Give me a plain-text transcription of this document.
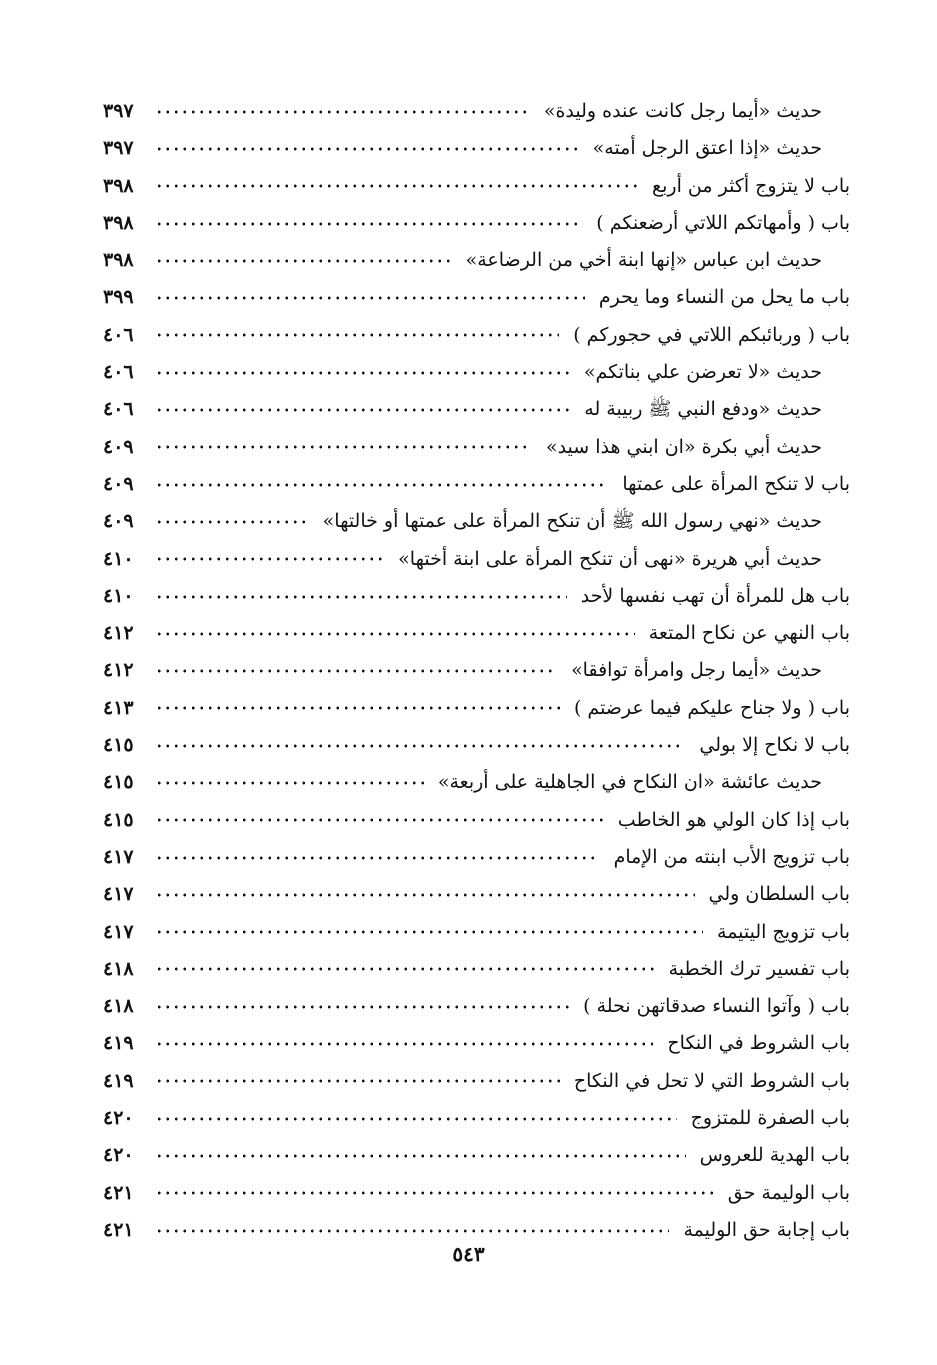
حديث «أيما رجل كانت عنده وليدة»
٣٩٧
حديث «إذا اعتق الرجل أمته»
٣٩٧
باب لا يتزوج أكثر من أربع
٣٩٨
باب ( وأمهاتكم اللاتي أرضعنكم )
٣٩٨
حديث ابن عباس «إنها ابنة أخي من الرضاعة»
٣٩٨
باب ما يحل من النساء وما يحرم
٣٩٩
باب ( وربائبكم اللاتي في حجوركم )
٤٠٦
حديث «لا تعرضن علي بناتكم»
٤٠٦
حديث «ودفع النبي ﷺ ربيبة له
٤٠٦
حديث أبي بكرة «ان ابني هذا سيد»
٤٠٩
باب لا تنكح المرأة على عمتها
٤٠٩
حديث «نهي رسول الله ﷺ أن تنكح المرأة على عمتها أو خالتها»
٤٠٩
حديث أبي هريرة «نهى أن تنكح المرأة على ابنة أختها»
٤١٠
باب هل للمرأة أن تهب نفسها لأحد
٤١٠
باب النهي عن نكاح المتعة
٤١٢
حديث «أيما رجل وامرأة توافقا»
٤١٢
باب ( ولا جناح عليكم فيما عرضتم )
٤١٣
باب لا نكاح إلا بولي
٤١٥
حديث عائشة «ان النكاح في الجاهلية على أربعة»
٤١٥
باب إذا كان الولي هو الخاطب
٤١٥
باب تزويج الأب ابنته من الإمام
٤١٧
باب السلطان ولي
٤١٧
باب تزويج اليتيمة
٤١٧
باب تفسير ترك الخطبة
٤١٨
باب ( وآتوا النساء صدقاتهن نحلة )
٤١٨
باب الشروط في النكاح
٤١٩
باب الشروط التي لا تحل في النكاح
٤١٩
باب الصفرة للمتزوج
٤٢٠
باب الهدية للعروس
٤٢٠
باب الوليمة حق
٤٢١
باب إجابة حق الوليمة
٤٢١
٥٤٣
